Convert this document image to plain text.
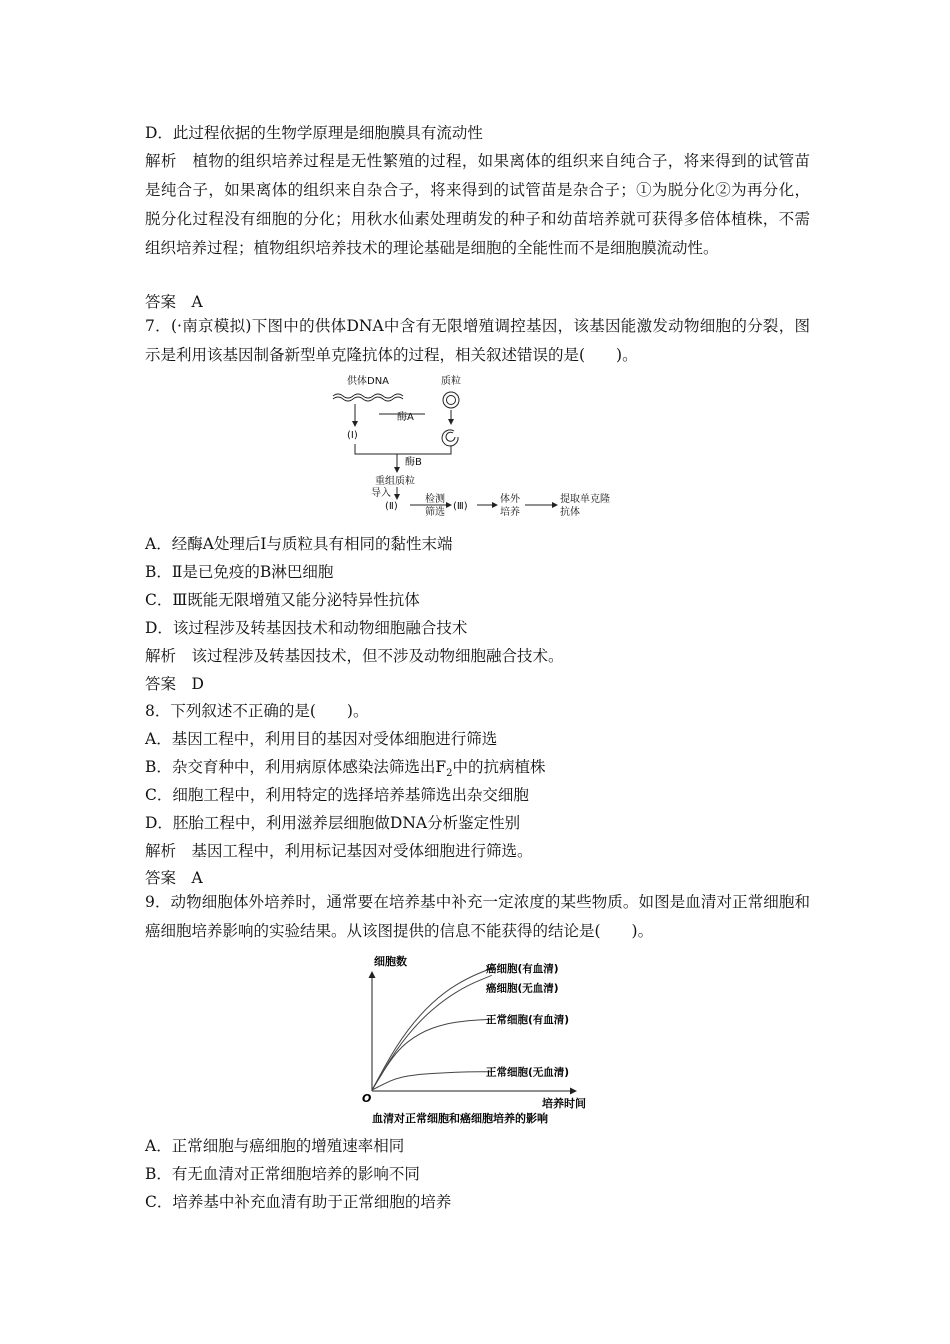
D．此过程依据的生物学原理是细胞膜具有流动性
解析　植物的组织培养过程是无性繁殖的过程，如果离体的组织来自纯合子，将来得到的试管苗是纯合子，如果离体的组织来自杂合子，将来得到的试管苗是杂合子；①为脱分化②为再分化，脱分化过程没有细胞的分化；用秋水仙素处理萌发的种子和幼苗培养就可获得多倍体植株，不需组织培养过程；植物组织培养技术的理论基础是细胞的全能性而不是细胞膜流动性。
答案　A
7．(·南京模拟)下图中的供体DNA中含有无限增殖调控基因，该基因能激发动物细胞的分裂，图示是利用该基因制备新型单克隆抗体的过程，相关叙述错误的是(　　)。
供体DNA	质粒
酶A
(Ⅰ)
酶B
重组质粒
导入
(Ⅱ)
检测
筛选
(Ⅲ)
体外
培养
提取单克隆
抗体
A．经酶A处理后Ⅰ与质粒具有相同的黏性末端
B．Ⅱ是已免疫的B淋巴细胞
C．Ⅲ既能无限增殖又能分泌特异性抗体
D．该过程涉及转基因技术和动物细胞融合技术
解析　该过程涉及转基因技术，但不涉及动物细胞融合技术。
答案　D
8．下列叙述不正确的是(　　)。
A．基因工程中，利用目的基因对受体细胞进行筛选
B．杂交育种中，利用病原体感染法筛选出$F_2$中的抗病植株
C．细胞工程中，利用特定的选择培养基筛选出杂交细胞
D．胚胎工程中，利用滋养层细胞做DNA分析鉴定性别
解析　基因工程中，利用标记基因对受体细胞进行筛选。
答案　A
9．动物细胞体外培养时，通常要在培养基中补充一定浓度的某些物质。如图是血清对正常细胞和癌细胞培养影响的实验结果。从该图提供的信息不能获得的结论是(　　)。
细胞数
O	培养时间
血清对正常细胞和癌细胞培养的影响
癌细胞(有血清)
癌细胞(无血清)
正常细胞(有血清)
正常细胞(无血清)
A．正常细胞与癌细胞的增殖速率相同
B．有无血清对正常细胞培养的影响不同
C．培养基中补充血清有助于正常细胞的培养
